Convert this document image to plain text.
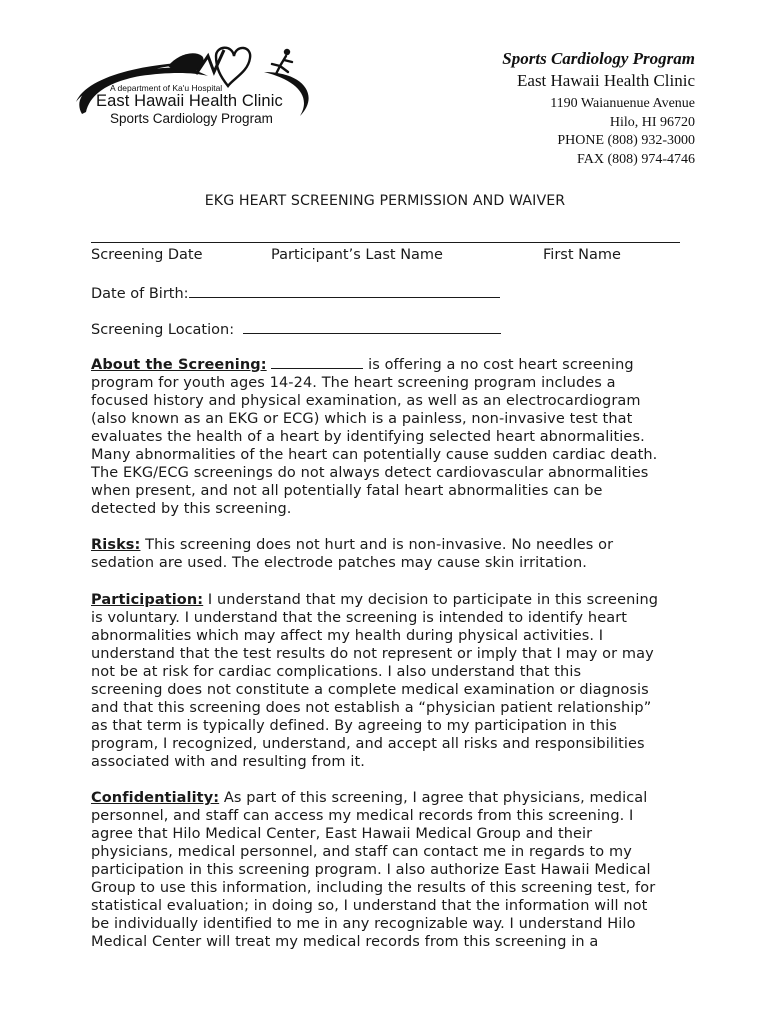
A department of Ka'u Hospital
East Hawaii Health Clinic
Sports Cardiology Program
Sports Cardiology Program
East Hawaii Health Clinic
1190 Waianuenue Avenue
Hilo, HI 96720
PHONE (808) 932-3000
FAX (808) 974-4746
EKG HEART SCREENING PERMISSION AND WAIVER
Screening Date	Participant’s Last Name	First Name
Date of Birth:
Screening Location:

About the Screening:	is offering a no cost heart screening
program for youth ages 14-24. The heart screening program includes a
focused history and physical examination, as well as an electrocardiogram
(also known as an EKG or ECG) which is a painless, non-invasive test that
evaluates the health of a heart by identifying selected heart abnormalities.
Many abnormalities of the heart can potentially cause sudden cardiac death.
The EKG/ECG screenings do not always detect cardiovascular abnormalities
when present, and not all potentially fatal heart abnormalities can be
detected by this screening.

Risks: This screening does not hurt and is non-invasive. No needles or
sedation are used. The electrode patches may cause skin irritation.

Participation: I understand that my decision to participate in this screening
is voluntary. I understand that the screening is intended to identify heart
abnormalities which may affect my health during physical activities. I
understand that the test results do not represent or imply that I may or may
not be at risk for cardiac complications. I also understand that this
screening does not constitute a complete medical examination or diagnosis
and that this screening does not establish a “physician patient relationship”
as that term is typically defined. By agreeing to my participation in this
program, I recognized, understand, and accept all risks and responsibilities
associated with and resulting from it.

Confidentiality: As part of this screening, I agree that physicians, medical
personnel, and staff can access my medical records from this screening. I
agree that Hilo Medical Center, East Hawaii Medical Group and their
physicians, medical personnel, and staff can contact me in regards to my
participation in this screening program. I also authorize East Hawaii Medical
Group to use this information, including the results of this screening test, for
statistical evaluation; in doing so, I understand that the information will not
be individually identified to me in any recognizable way. I understand Hilo
Medical Center will treat my medical records from this screening in a
